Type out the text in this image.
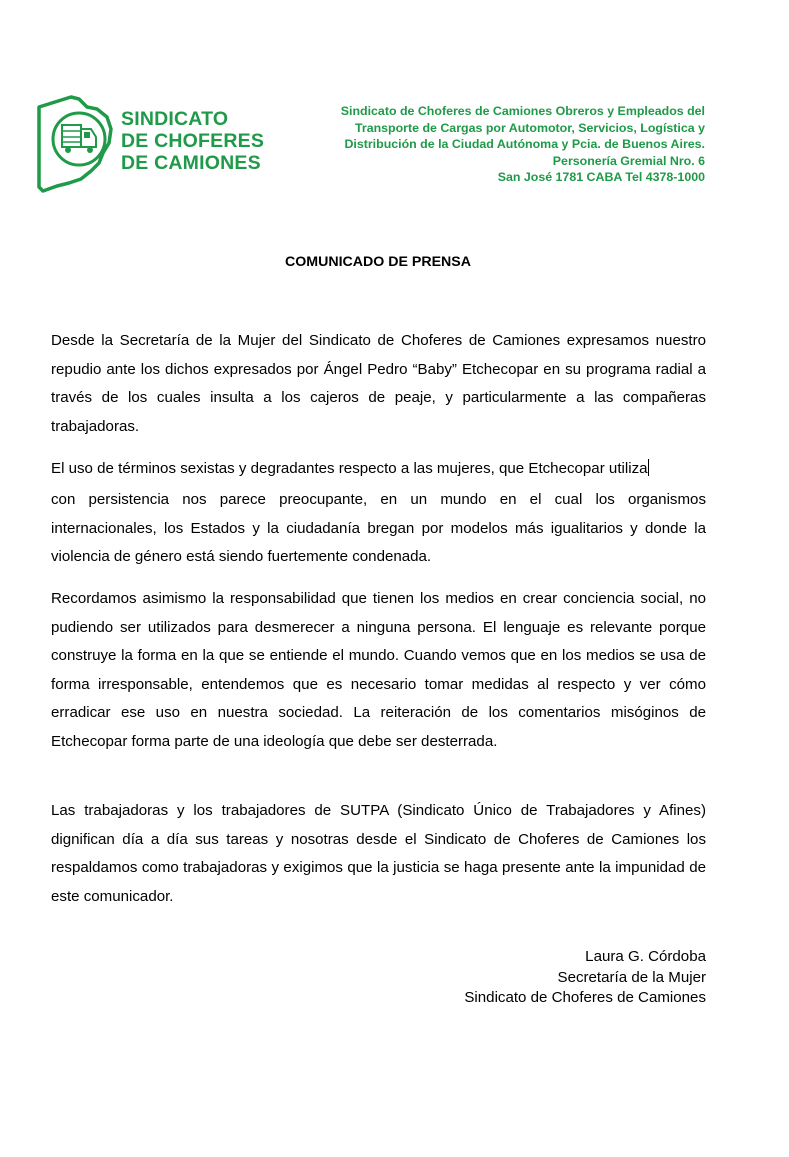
SINDICATO
DE CHOFERES
DE CAMIONES
Sindicato de Choferes de Camiones Obreros y Empleados del
Transporte de Cargas por Automotor, Servicios, Logística y
Distribución de la Ciudad Autónoma y Pcia. de Buenos Aires.
Personería Gremial Nro. 6
San José 1781 CABA Tel 4378-1000
COMUNICADO DE PRENSA

Desde la Secretaría de la Mujer del Sindicato de Choferes de Camiones expresamos nuestro repudio ante los dichos expresados por Ángel Pedro “Baby” Etchecopar en su programa radial a través de los cuales insulta a los cajeros de peaje, y particularmente a las compañeras trabajadoras.

El uso de términos sexistas y degradantes respecto a las mujeres, que Etchecopar utiliza

con persistencia nos parece preocupante, en un mundo en el cual los organismos internacionales, los Estados y la ciudadanía bregan por modelos más igualitarios y donde la violencia de género está siendo fuertemente condenada.

Recordamos asimismo la responsabilidad que tienen los medios en crear conciencia social, no pudiendo ser utilizados para desmerecer a ninguna persona. El lenguaje es relevante porque construye la forma en la que se entiende el mundo. Cuando vemos que en los medios se usa de forma irresponsable, entendemos que es necesario tomar medidas al respecto y ver cómo erradicar ese uso en nuestra sociedad. La reiteración de los comentarios misóginos de Etchecopar forma parte de una ideología que debe ser desterrada.

Las trabajadoras y los trabajadores de SUTPA (Sindicato Único de Trabajadores y Afines) dignifican día a día sus tareas y nosotras desde el Sindicato de Choferes de Camiones los respaldamos como trabajadoras y exigimos que la justicia se haga presente ante la impunidad de este comunicador.

Laura G. Córdoba
Secretaría de la Mujer
Sindicato de Choferes de Camiones
